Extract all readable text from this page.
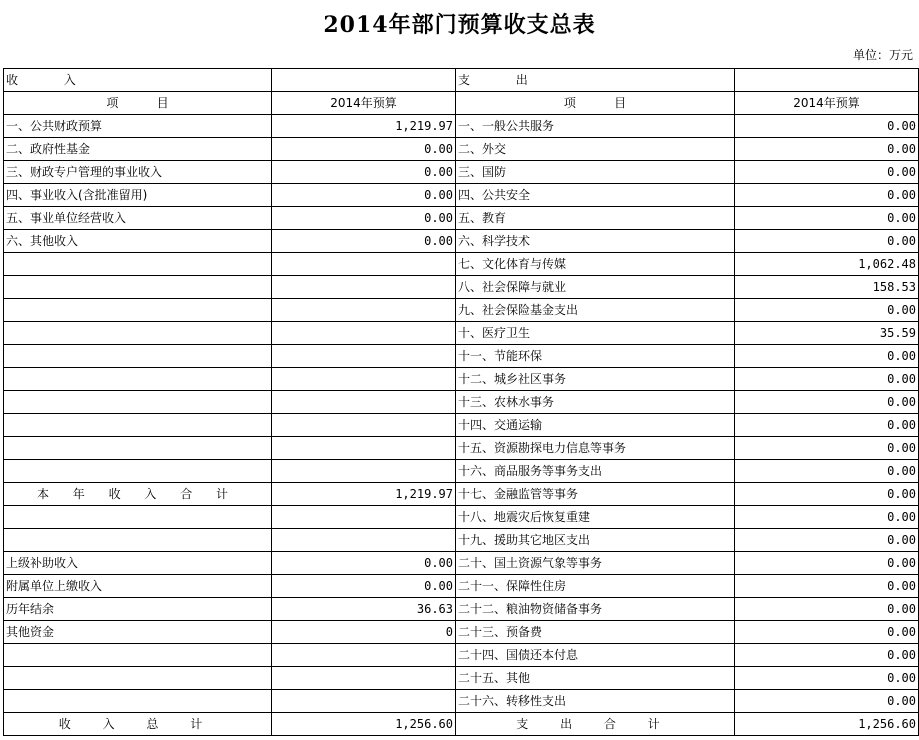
2014年部门预算收支总表
单位：万元
收            入		支            出	
项          目	2014年预算	项          目	2014年预算
一、公共财政预算	1,219.97	一、一般公共服务	0.00
二、政府性基金	0.00	二、外交	0.00
三、财政专户管理的事业收入	0.00	三、国防	0.00
四、事业收入(含批准留用)	0.00	四、公共安全	0.00
五、事业单位经营收入	0.00	五、教育	0.00
六、其他收入	0.00	六、科学技术	0.00
		七、文化体育与传媒	1,062.48
		八、社会保障与就业	158.53
		九、社会保险基金支出	0.00
		十、医疗卫生	35.59
		十一、节能环保	0.00
		十二、城乡社区事务	0.00
		十三、农林水事务	0.00
		十四、交通运输	0.00
		十五、资源勘探电力信息等事务	0.00
		十六、商品服务等事务支出	0.00
本 年 收 入 合 计	1,219.97	十七、金融监管等事务	0.00
		十八、地震灾后恢复重建	0.00
		十九、援助其它地区支出	0.00
上级补助收入	0.00	二十、国土资源气象等事务	0.00
附属单位上缴收入	0.00	二十一、保障性住房	0.00
历年结余	36.63	二十二、粮油物资储备事务	0.00
其他资金	0	二十三、预备费	0.00
		二十四、国债还本付息	0.00
		二十五、其他	0.00
		二十六、转移性支出	0.00
收 入 总 计	1,256.60	支 出 合 计	1,256.60
